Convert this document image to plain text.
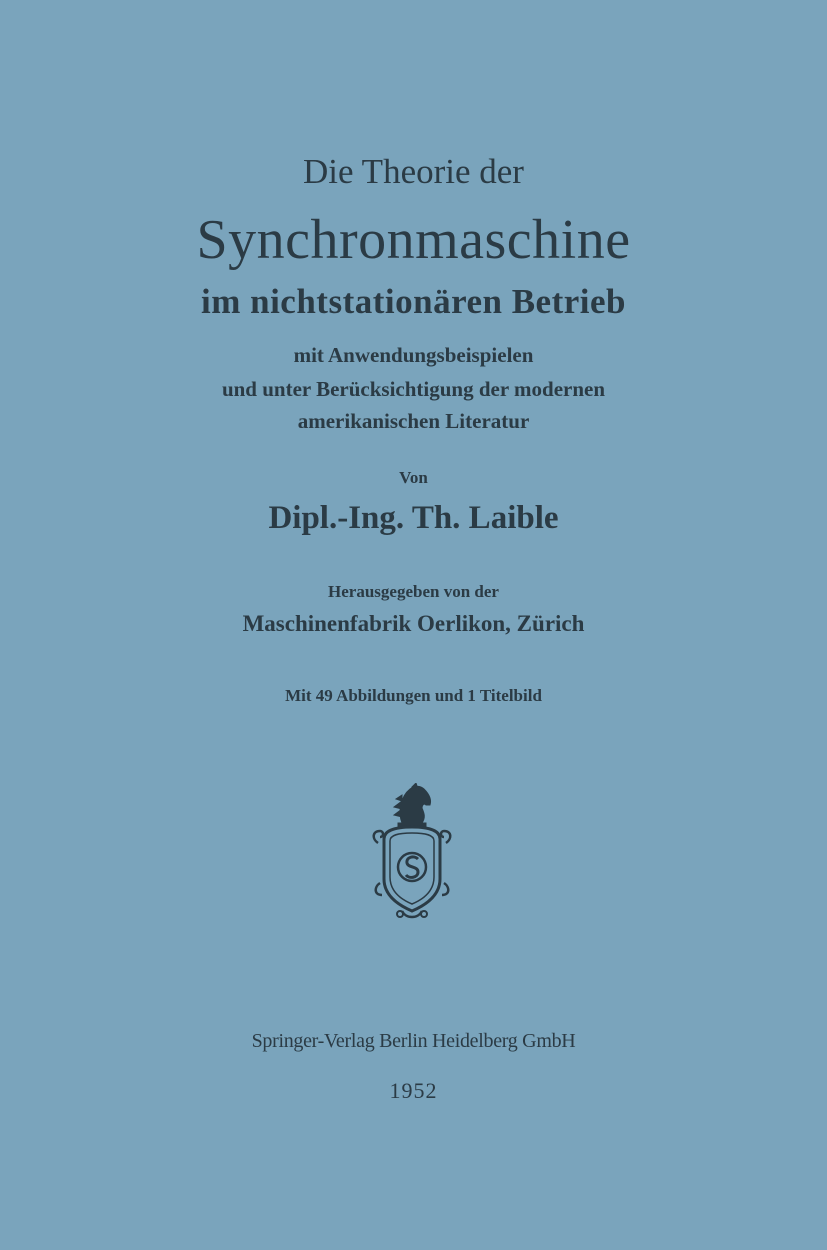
Die Theorie der
Synchronmaschine
im nichtstationären Betrieb
mit Anwendungsbeispielen
und unter Berücksichtigung der modernen
amerikanischen Literatur
Von
Dipl.-Ing. Th. Laible
Herausgegeben von der
Maschinenfabrik Oerlikon, Zürich
Mit 49 Abbildungen und 1 Titelbild
Springer-Verlag Berlin Heidelberg GmbH
1952
